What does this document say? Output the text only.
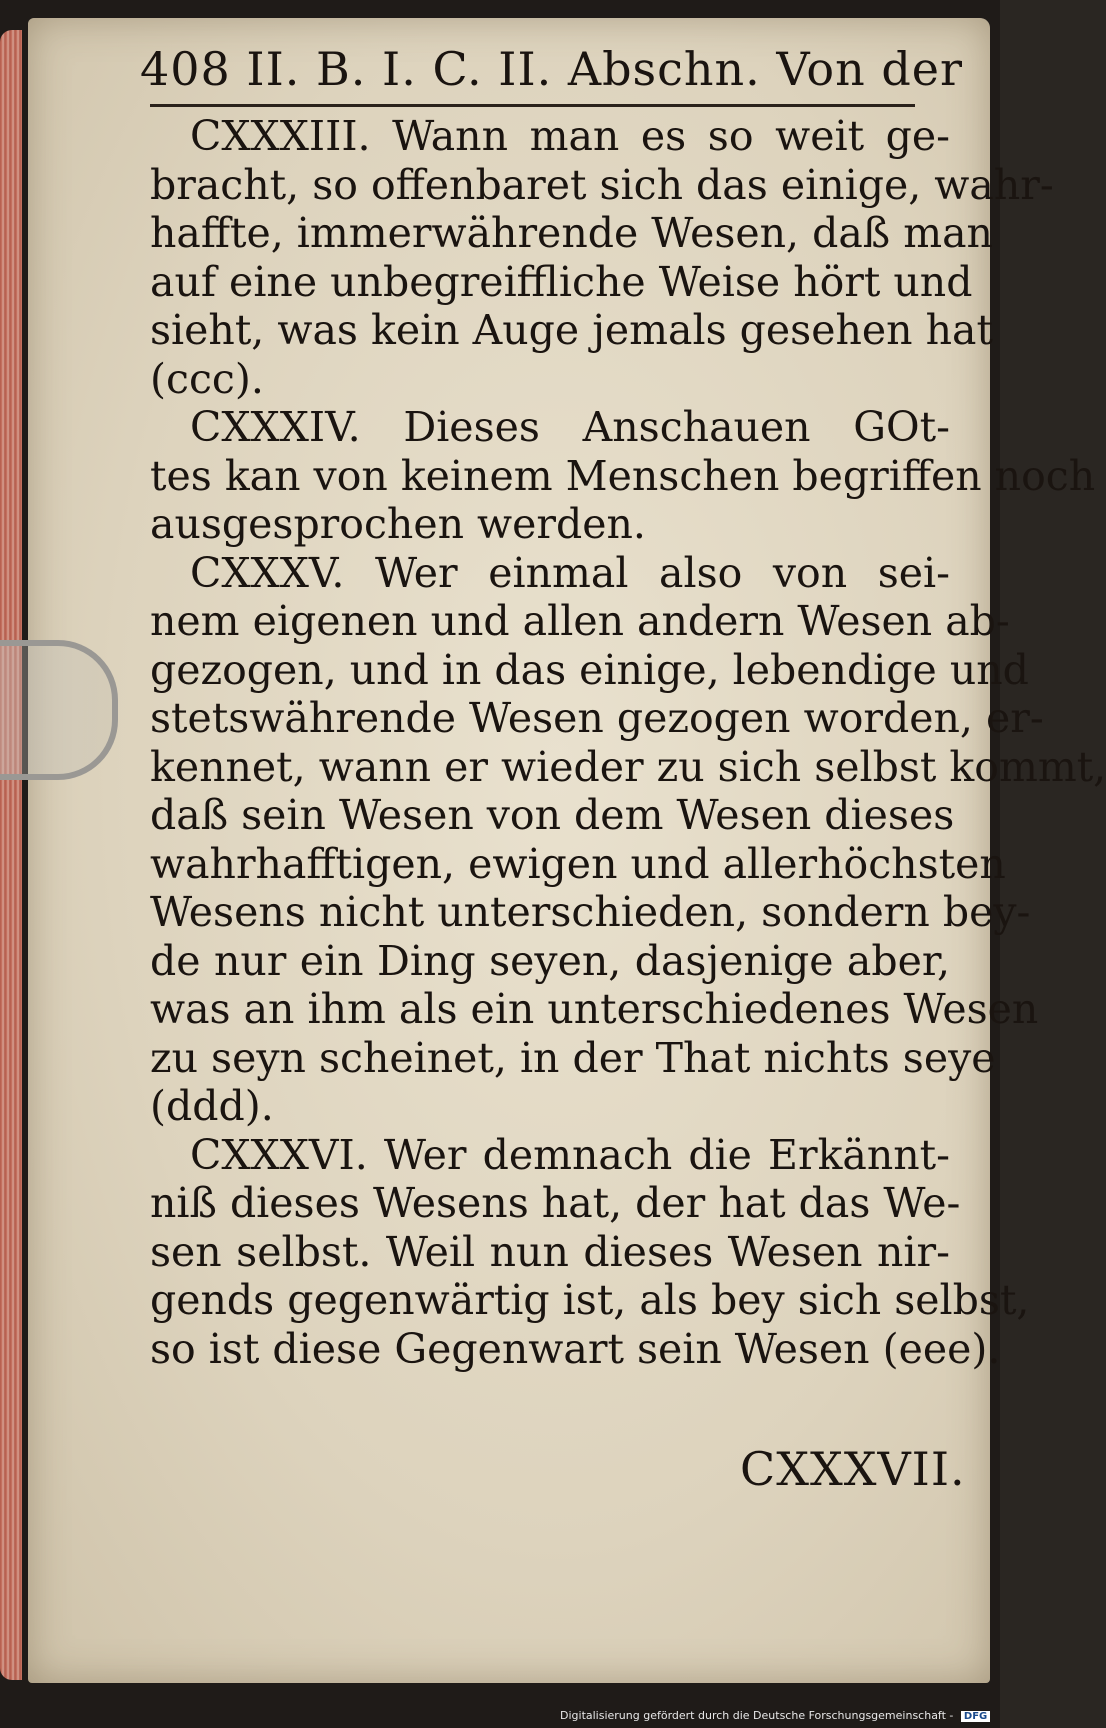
408 II. B. I. C. II. Abschn. Von der
CXXXIII. Wann man es so weit ge-
bracht, so offenbaret sich das einige, wahr-
haffte, immerwährende Wesen, daß man
auf eine unbegreiffliche Weise hört und
sieht, was kein Auge jemals gesehen hat
(ccc).
CXXXIV. Dieses Anschauen GOt-
tes kan von keinem Menschen begriffen noch
ausgesprochen werden.
CXXXV. Wer einmal also von sei-
nem eigenen und allen andern Wesen ab-
gezogen, und in das einige, lebendige und
stetswährende Wesen gezogen worden, er-
kennet, wann er wieder zu sich selbst kommt,
daß sein Wesen von dem Wesen dieses
wahrhafftigen, ewigen und allerhöchsten
Wesens nicht unterschieden, sondern bey-
de nur ein Ding seyen, dasjenige aber,
was an ihm als ein unterschiedenes Wesen
zu seyn scheinet, in der That nichts seye
(ddd).
CXXXVI. Wer demnach die Erkännt-
niß dieses Wesens hat, der hat das We-
sen selbst. Weil nun dieses Wesen nir-
gends gegenwärtig ist, als bey sich selbst,
so ist diese Gegenwart sein Wesen (eee).
CXXXVII.
Digitalisierung gefördert durch die Deutsche Forschungsgemeinschaft - DFG
